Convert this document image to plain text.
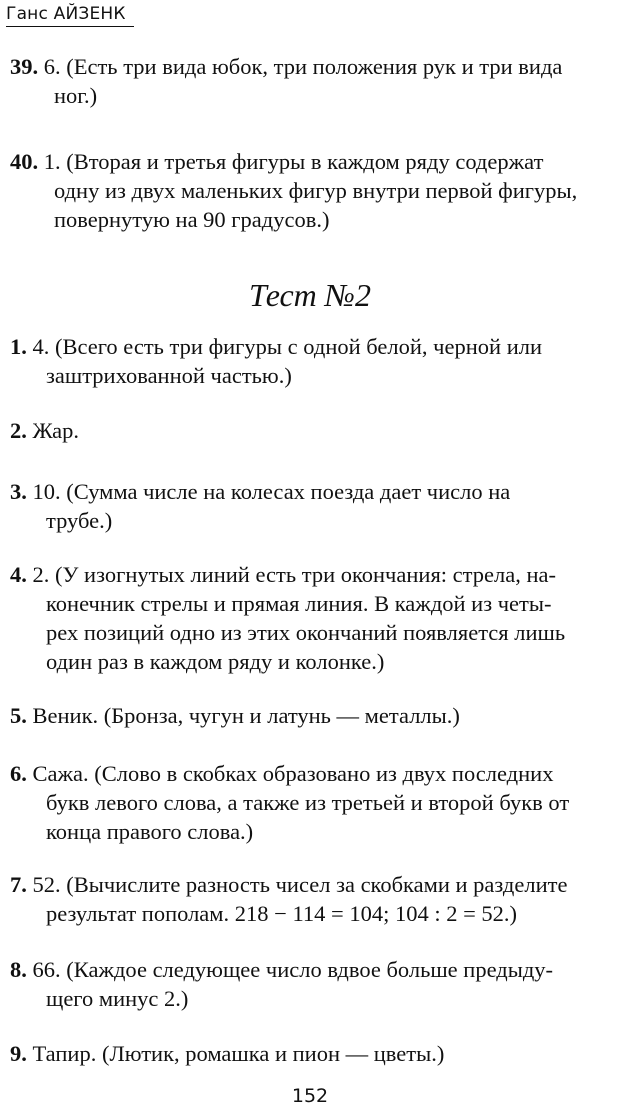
Ганс АЙЗЕНК
39. 6. (Есть три вида юбок, три положения рук и три вида
ног.)
40. 1. (Вторая и третья фигуры в каждом ряду содержат
одну из двух маленьких фигур внутри первой фигуры,
повернутую на 90 градусов.)
Тест №2
1. 4. (Всего есть три фигуры с одной белой, черной или
заштрихованной частью.)
2. Жар.
3. 10. (Сумма числе на колесах поезда дает число на
трубе.)
4. 2. (У изогнутых линий есть три окончания: стрела, на-
конечник стрелы и прямая линия. В каждой из четы-
рех позиций одно из этих окончаний появляется лишь
один раз в каждом ряду и колонке.)
5. Веник. (Бронза, чугун и латунь — металлы.)
6. Сажа. (Слово в скобках образовано из двух последних
букв левого слова, а также из третьей и второй букв от
конца правого слова.)
7. 52. (Вычислите разность чисел за скобками и разделите
результат пополам. 218 − 114 = 104; 104 : 2 = 52.)
8. 66. (Каждое следующее число вдвое больше предыду-
щего минус 2.)
9. Тапир. (Лютик, ромашка и пион — цветы.)
152
